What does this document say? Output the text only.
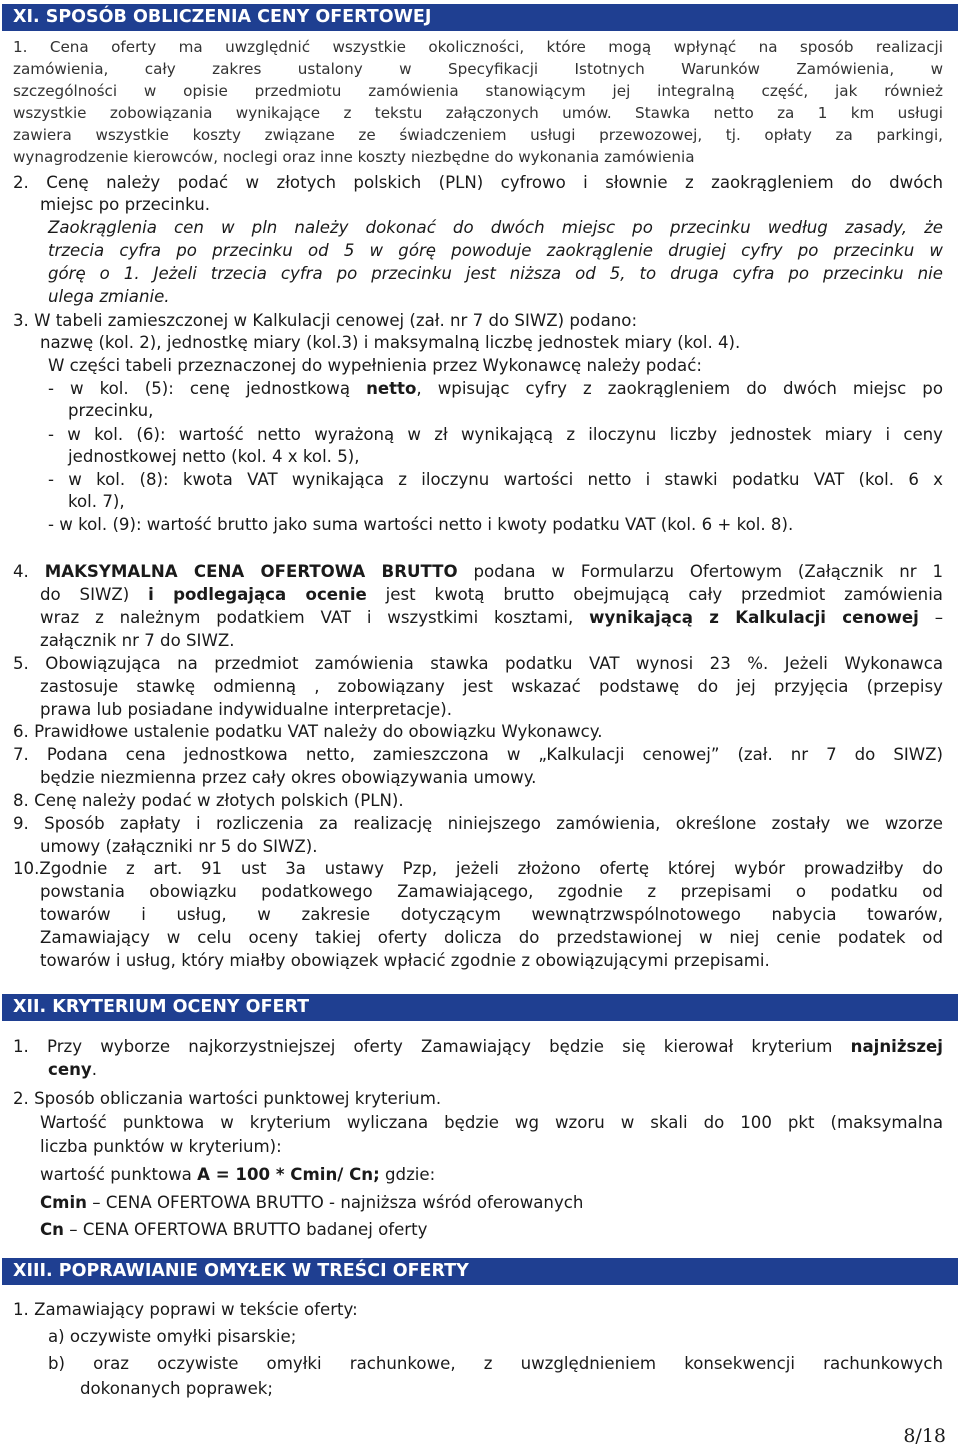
XI. SPOSÓB OBLICZENIA CENY OFERTOWEJ
1. Cena oferty ma uwzględnić wszystkie okoliczności, które mogą wpłynąć na sposób realizacji
zamówienia, cały zakres ustalony w Specyfikacji Istotnych Warunków Zamówienia, w
szczególności w opisie przedmiotu zamówienia stanowiącym jej integralną część, jak również
wszystkie zobowiązania wynikające z tekstu załączonych umów. Stawka netto za 1 km usługi
zawiera wszystkie koszty związane ze świadczeniem usługi przewozowej, tj. opłaty za parkingi,
wynagrodzenie kierowców, noclegi oraz inne koszty niezbędne do wykonania zamówienia
2. Cenę należy podać w złotych polskich (PLN) cyfrowo i słownie z zaokrągleniem do dwóch
miejsc po przecinku.
Zaokrąglenia cen w pln należy dokonać do dwóch miejsc po przecinku według zasady, że
trzecia cyfra po przecinku od 5 w górę powoduje zaokrąglenie drugiej cyfry po przecinku w
górę o 1. Jeżeli trzecia cyfra po przecinku jest niższa od 5, to druga cyfra po przecinku nie
ulega zmianie.
3. W tabeli zamieszczonej w Kalkulacji cenowej (zał. nr 7 do SIWZ) podano:
nazwę (kol. 2), jednostkę miary (kol.3) i maksymalną liczbę jednostek miary (kol. 4).
W części tabeli przeznaczonej do wypełnienia przez Wykonawcę należy podać:
- w kol. (5): cenę jednostkową netto, wpisując cyfry z zaokrągleniem do dwóch miejsc po
przecinku,
- w kol. (6): wartość netto wyrażoną w zł wynikającą z iloczynu liczby jednostek miary i ceny
jednostkowej netto (kol. 4 x kol. 5),
- w kol. (8): kwota VAT wynikająca z iloczynu wartości netto i stawki podatku VAT (kol. 6 x
kol. 7),
- w kol. (9): wartość brutto jako suma wartości netto i kwoty podatku VAT (kol. 6 + kol. 8).
4. MAKSYMALNA CENA OFERTOWA BRUTTO podana w Formularzu Ofertowym (Załącznik nr 1
do SIWZ) i podlegająca ocenie jest kwotą brutto obejmującą cały przedmiot zamówienia
wraz z należnym podatkiem VAT i wszystkimi kosztami, wynikającą z Kalkulacji cenowej –
załącznik nr 7 do SIWZ.
5. Obowiązująca na przedmiot zamówienia stawka podatku VAT wynosi 23 %. Jeżeli Wykonawca
zastosuje stawkę odmienną , zobowiązany jest wskazać podstawę do jej przyjęcia (przepisy
prawa lub posiadane indywidualne interpretacje).
6. Prawidłowe ustalenie podatku VAT należy do obowiązku Wykonawcy.
7. Podana cena jednostkowa netto, zamieszczona w „Kalkulacji cenowej” (zał. nr 7 do SIWZ)
będzie niezmienna przez cały okres obowiązywania umowy.
8. Cenę należy podać w złotych polskich (PLN).
9. Sposób zapłaty i rozliczenia za realizację niniejszego zamówienia, określone zostały we wzorze
umowy (załączniki nr 5 do SIWZ).
10.Zgodnie z art. 91 ust 3a ustawy Pzp, jeżeli złożono ofertę której wybór prowadziłby do
powstania obowiązku podatkowego Zamawiającego, zgodnie z przepisami o podatku od
towarów i usług, w zakresie dotyczącym wewnątrzwspólnotowego nabycia towarów,
Zamawiający w celu oceny takiej oferty dolicza do przedstawionej w niej cenie podatek od
towarów i usług, który miałby obowiązek wpłacić zgodnie z obowiązującymi przepisami.
XII. KRYTERIUM OCENY OFERT
1. Przy wyborze najkorzystniejszej oferty Zamawiający będzie się kierował kryterium najniższej
ceny.
2. Sposób obliczania wartości punktowej kryterium.
Wartość punktowa w kryterium wyliczana będzie wg wzoru w skali do 100 pkt (maksymalna
liczba punktów w kryterium):
wartość punktowa A = 100 * Cmin/ Cn; gdzie:
Cmin – CENA OFERTOWA BRUTTO - najniższa wśród oferowanych
Cn – CENA OFERTOWA BRUTTO badanej oferty
XIII. POPRAWIANIE OMYŁEK W TREŚCI OFERTY
1. Zamawiający poprawi w tekście oferty:
a) oczywiste omyłki pisarskie;
b) oraz oczywiste omyłki rachunkowe, z uwzględnieniem konsekwencji rachunkowych
dokonanych poprawek;
8/18
